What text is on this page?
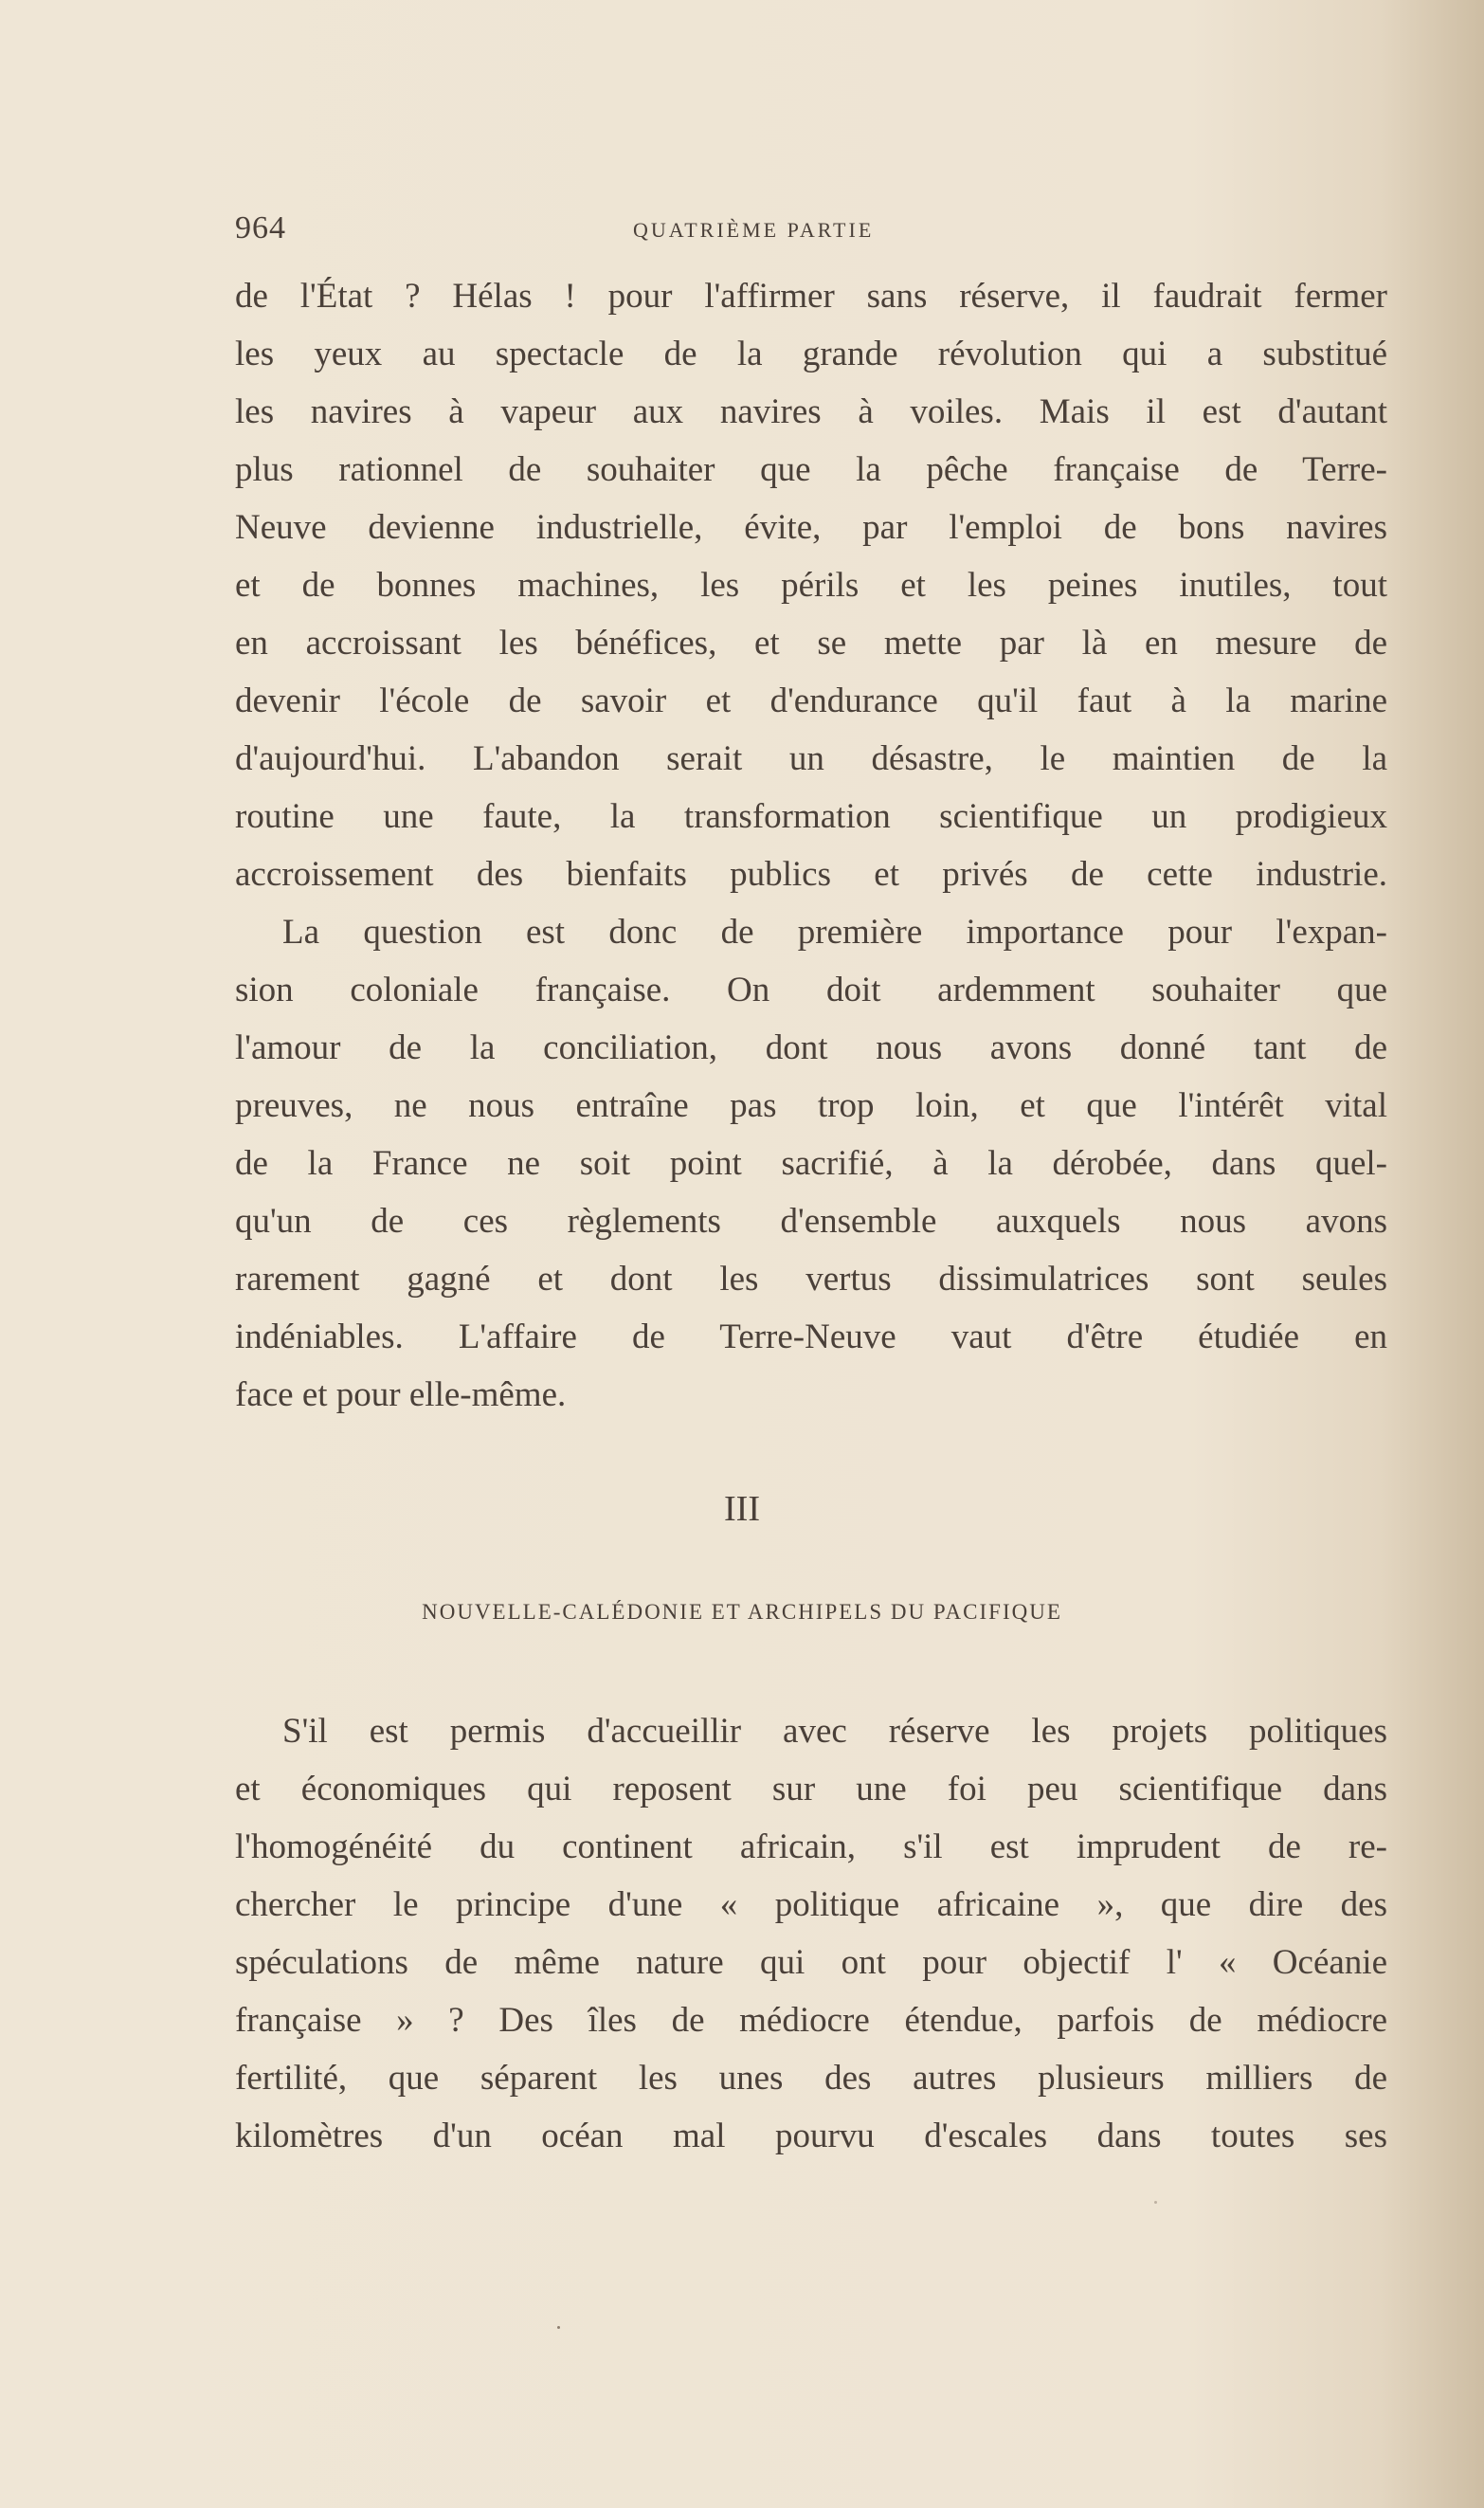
964	QUATRIÈME PARTIE
de l'État ? Hélas ! pour l'affirmer sans réserve, il faudrait fermer
les yeux au spectacle de la grande révolution qui a substitué
les navires à vapeur aux navires à voiles. Mais il est d'autant
plus rationnel de souhaiter que la pêche française de Terre-
Neuve devienne industrielle, évite, par l'emploi de bons navires
et de bonnes machines, les périls et les peines inutiles, tout
en accroissant les bénéfices, et se mette par là en mesure de
devenir l'école de savoir et d'endurance qu'il faut à la marine
d'aujourd'hui. L'abandon serait un désastre, le maintien de la
routine une faute, la transformation scientifique un prodigieux
accroissement des bienfaits publics et privés de cette industrie.
La question est donc de première importance pour l'expan-
sion coloniale française. On doit ardemment souhaiter que
l'amour de la conciliation, dont nous avons donné tant de
preuves, ne nous entraîne pas trop loin, et que l'intérêt vital
de la France ne soit point sacrifié, à la dérobée, dans quel-
qu'un de ces règlements d'ensemble auxquels nous avons
rarement gagné et dont les vertus dissimulatrices sont seules
indéniables. L'affaire de Terre-Neuve vaut d'être étudiée en
face et pour elle-même.
III
NOUVELLE-CALÉDONIE ET ARCHIPELS DU PACIFIQUE
S'il est permis d'accueillir avec réserve les projets politiques
et économiques qui reposent sur une foi peu scientifique dans
l'homogénéité du continent africain, s'il est imprudent de re-
chercher le principe d'une « politique africaine », que dire des
spéculations de même nature qui ont pour objectif l' « Océanie
française » ? Des îles de médiocre étendue, parfois de médiocre
fertilité, que séparent les unes des autres plusieurs milliers de
kilomètres d'un océan mal pourvu d'escales dans toutes ses
